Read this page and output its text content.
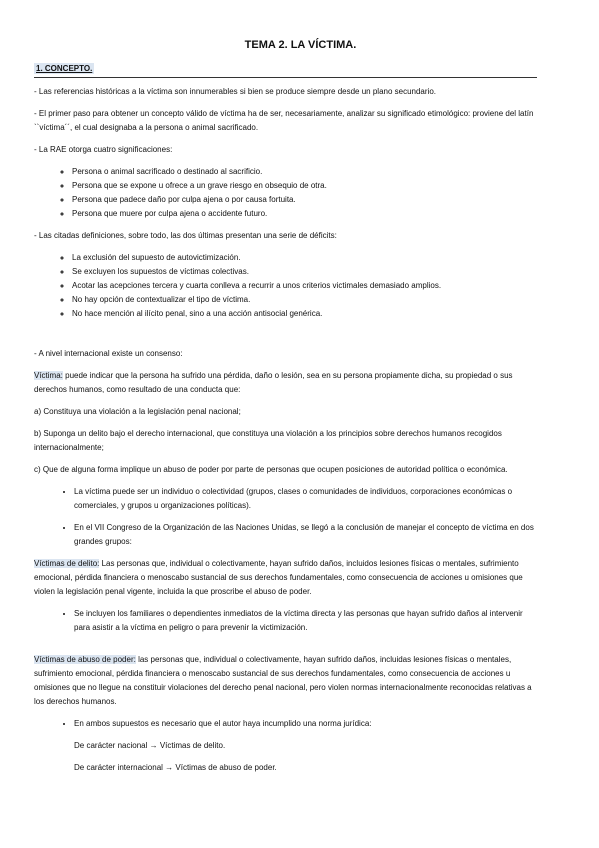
TEMA 2. LA VÍCTIMA.
1. CONCEPTO.

- Las referencias históricas a la víctima son innumerables si bien se produce siempre desde un plano secundario.

- El primer paso para obtener un concepto válido de víctima ha de ser, necesariamente, analizar su significado etimológico: proviene del latín ``víctima´´, el cual designaba a la persona o animal sacrificado.

- La RAE otorga cuatro significaciones:

◦ Persona o animal sacrificado o destinado al sacrificio.
◦ Persona que se expone u ofrece a un grave riesgo en obsequio de otra.
◦ Persona que padece daño por culpa ajena o por causa fortuita.
◦ Persona que muere por culpa ajena o accidente futuro.

- Las citadas definiciones, sobre todo, las dos últimas presentan una serie de déficits:

◦ La exclusión del supuesto de autovictimización.
◦ Se excluyen los supuestos de víctimas colectivas.
◦ Acotar las acepciones tercera y cuarta conlleva a recurrir a unos criterios victimales demasiado amplios.
◦ No hay opción de contextualizar el tipo de víctima.
◦ No hace mención al ilícito penal, sino a una acción antisocial genérica.

- A nivel internacional existe un consenso:

Víctima: puede indicar que la persona ha sufrido una pérdida, daño o lesión, sea en su persona propiamente dicha, su propiedad o sus derechos humanos, como resultado de una conducta que:

a) Constituya una violación a la legislación penal nacional;

b) Suponga un delito bajo el derecho internacional, que constituya una violación a los principios sobre derechos humanos recogidos internacionalmente;

c) Que de alguna forma implique un abuso de poder por parte de personas que ocupen posiciones de autoridad política o económica.

• La víctima puede ser un individuo o colectividad (grupos, clases o comunidades de individuos, corporaciones económicas o comerciales, y grupos u organizaciones políticas).
• En el VII Congreso de la Organización de las Naciones Unidas, se llegó a la conclusión de manejar el concepto de víctima en dos grandes grupos:

Víctimas de delito: Las personas que, individual o colectivamente, hayan sufrido daños, incluidos lesiones físicas o mentales, sufrimiento emocional, pérdida financiera o menoscabo sustancial de sus derechos fundamentales, como consecuencia de acciones u omisiones que violen la legislación penal vigente, incluida la que proscribe el abuso de poder.

• Se incluyen los familiares o dependientes inmediatos de la víctima directa y las personas que hayan sufrido daños al intervenir para asistir a la víctima en peligro o para prevenir la victimización.

Víctimas de abuso de poder: las personas que, individual o colectivamente, hayan sufrido daños, incluidas lesiones físicas o mentales, sufrimiento emocional, pérdida financiera o menoscabo sustancial de sus derechos fundamentales, como consecuencia de acciones u omisiones que no llegue na constituir violaciones del derecho penal nacional, pero violen normas internacionalmente reconocidas relativas a los derechos humanos.

• En ambos supuestos es necesario que el autor haya incumplido una norma jurídica:
De carácter nacional → Víctimas de delito.
De carácter internacional → Víctimas de abuso de poder.
